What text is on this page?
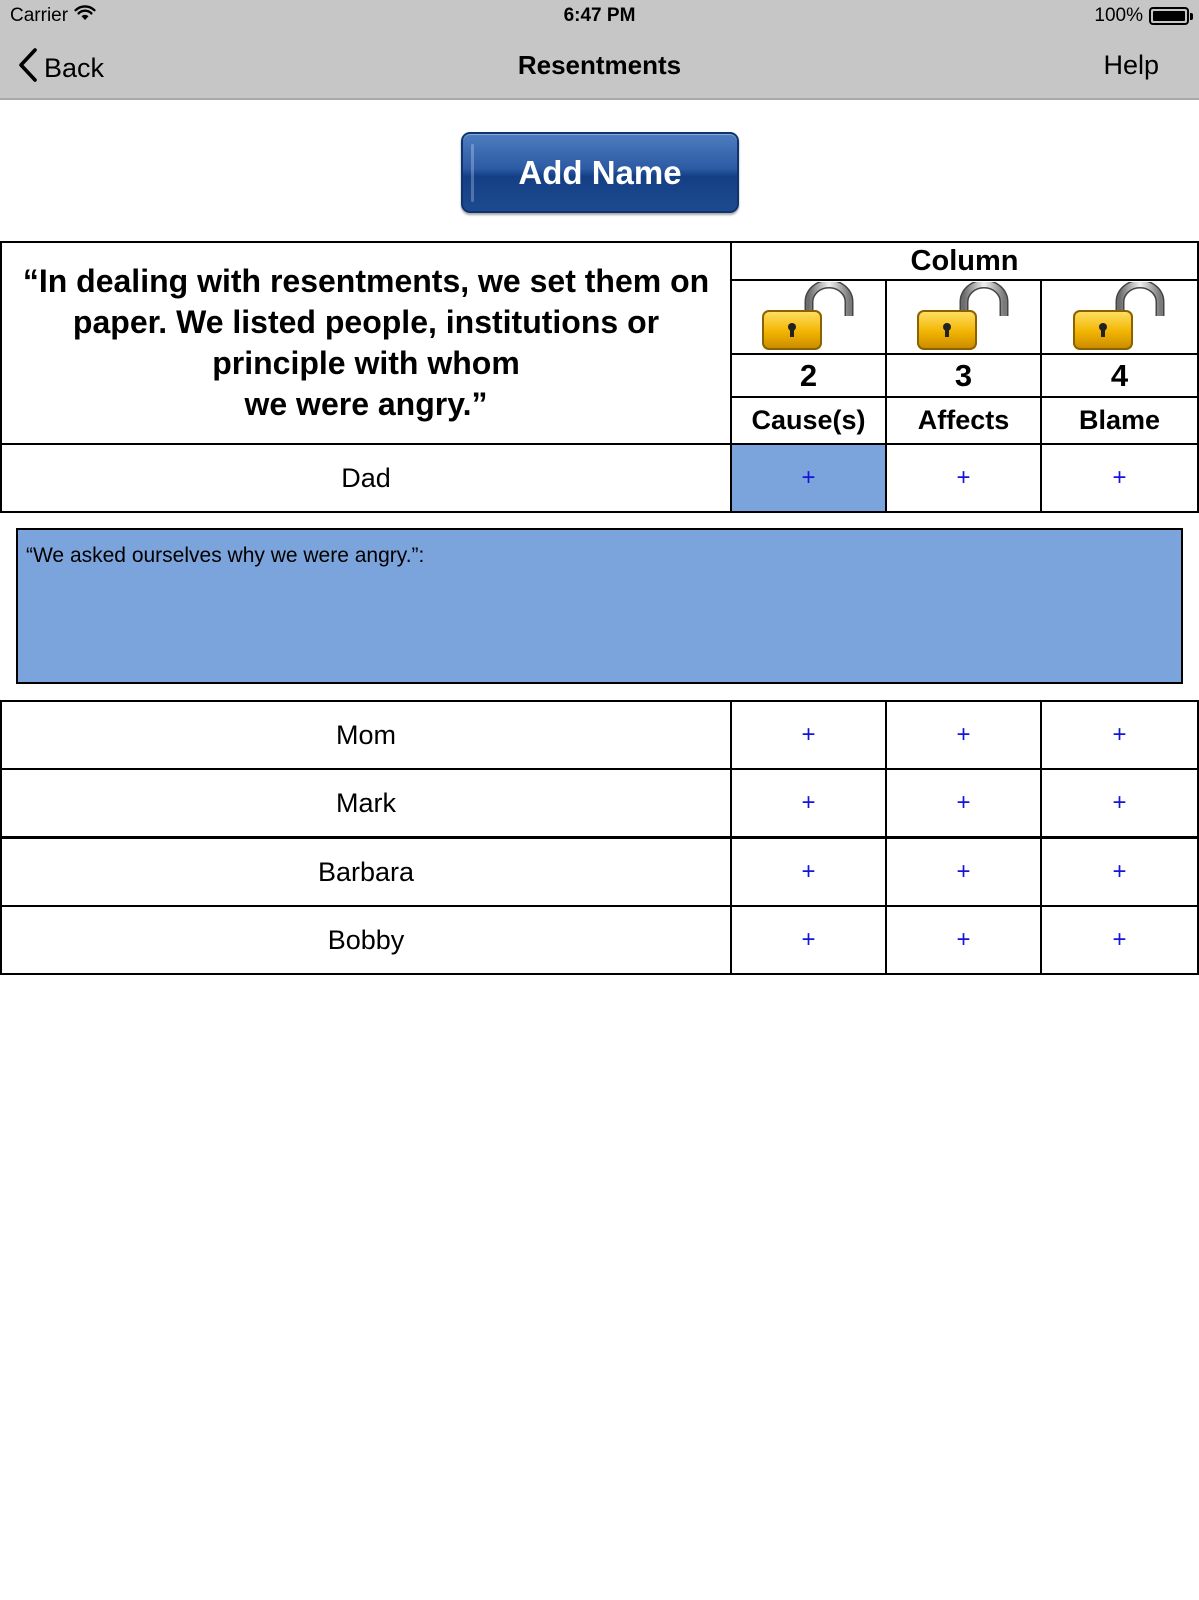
Carrier	6:47 PM	100%
Back	Resentments	Help
Add Name
“In dealing with resentments, we set them on
paper. We listed people, institutions or
principle with whom
we were angry.”
Column
2	3	4
Cause(s)	Affects	Blame
Dad	+	+	+
“We asked ourselves why we were angry.”:
Mom	+	+	+
Mark	+	+	+
Barbara	+	+	+
Bobby	+	+	+
